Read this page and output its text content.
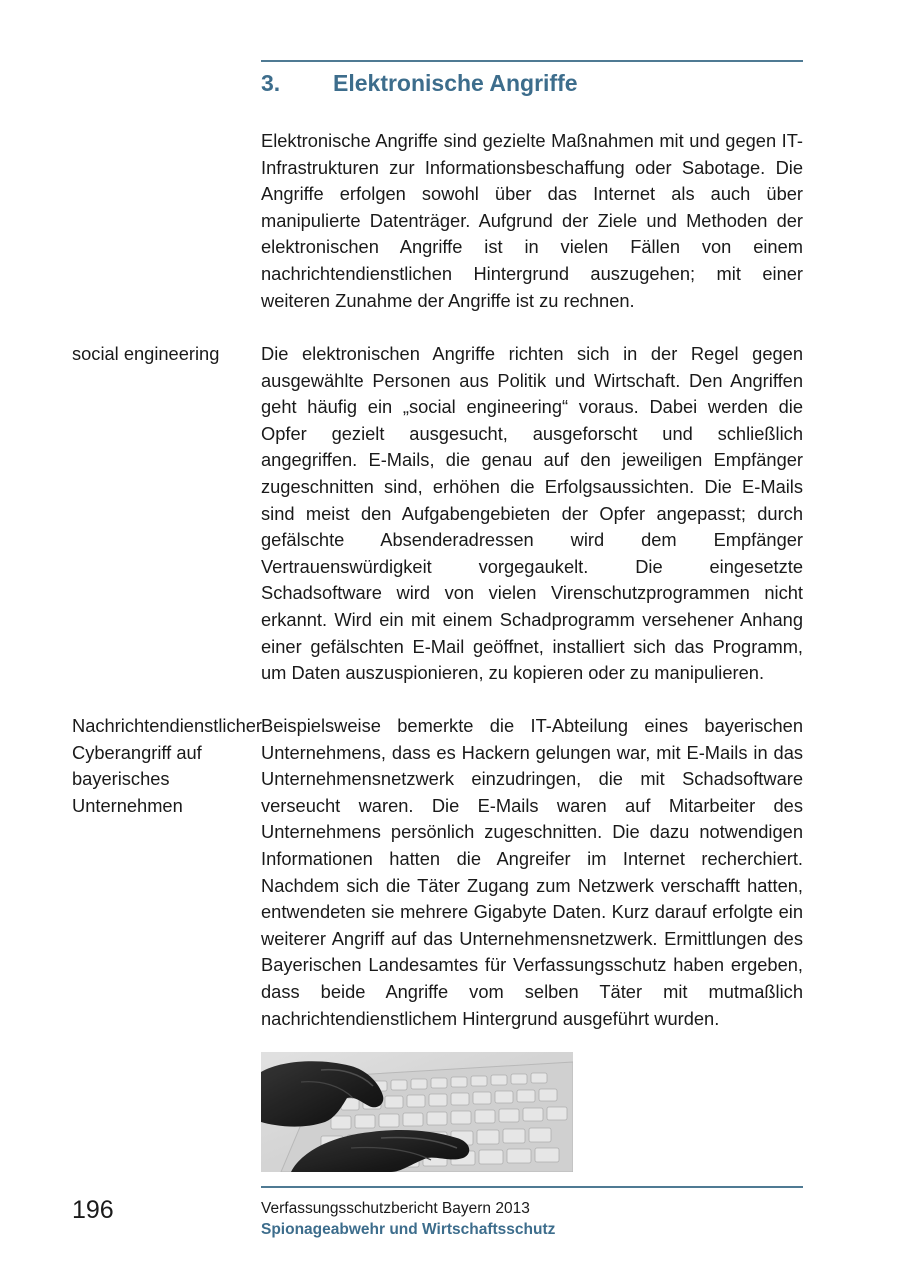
3. Elektronische Angriffe
Elektronische Angriffe sind gezielte Maßnahmen mit und gegen IT-Infrastrukturen zur Informationsbeschaffung oder Sabotage. Die Angriffe erfolgen sowohl über das Internet als auch über manipulierte Datenträger. Aufgrund der Ziele und Methoden der elektronischen Angriffe ist in vielen Fällen von einem nachrichtendienstlichen Hintergrund auszugehen; mit einer weiteren Zunahme der Angriffe ist zu rechnen.
social engineering	Die elektronischen Angriffe richten sich in der Regel gegen ausgewählte Personen aus Politik und Wirtschaft. Den Angriffen geht häufig ein „social engineering“ voraus. Dabei werden die Opfer gezielt ausgesucht, ausgeforscht und schließlich angegriffen. E-Mails, die genau auf den jeweiligen Empfänger zugeschnitten sind, erhöhen die Erfolgsaussichten. Die E-Mails sind meist den Aufgabengebieten der Opfer angepasst; durch gefälschte Absenderadressen wird dem Empfänger Vertrauenswürdigkeit vorgegaukelt. Die eingesetzte Schadsoftware wird von vielen Virenschutzprogrammen nicht erkannt. Wird ein mit einem Schadprogramm versehener Anhang einer gefälschten E-Mail geöffnet, installiert sich das Programm, um Daten auszuspionieren, zu kopieren oder zu manipulieren.
Nachrichtendienstlicher Cyberangriff auf bayerisches Unternehmen
Beispielsweise bemerkte die IT-Abteilung eines bayerischen Unternehmens, dass es Hackern gelungen war, mit E-Mails in das Unternehmensnetzwerk einzudringen, die mit Schadsoftware verseucht waren. Die E-Mails waren auf Mitarbeiter des Unternehmens persönlich zugeschnitten. Die dazu notwendigen Informationen hatten die Angreifer im Internet recherchiert. Nachdem sich die Täter Zugang zum Netzwerk verschafft hatten, entwendeten sie mehrere Gigabyte Daten. Kurz darauf erfolgte ein weiterer Angriff auf das Unternehmensnetzwerk. Ermittlungen des Bayerischen Landesamtes für Verfassungsschutz haben ergeben, dass beide Angriffe vom selben Täter mit mutmaßlich nachrichtendienstlichem Hintergrund ausgeführt wurden.
196	Verfassungsschutzbericht Bayern 2013
Spionageabwehr und Wirtschaftsschutz
